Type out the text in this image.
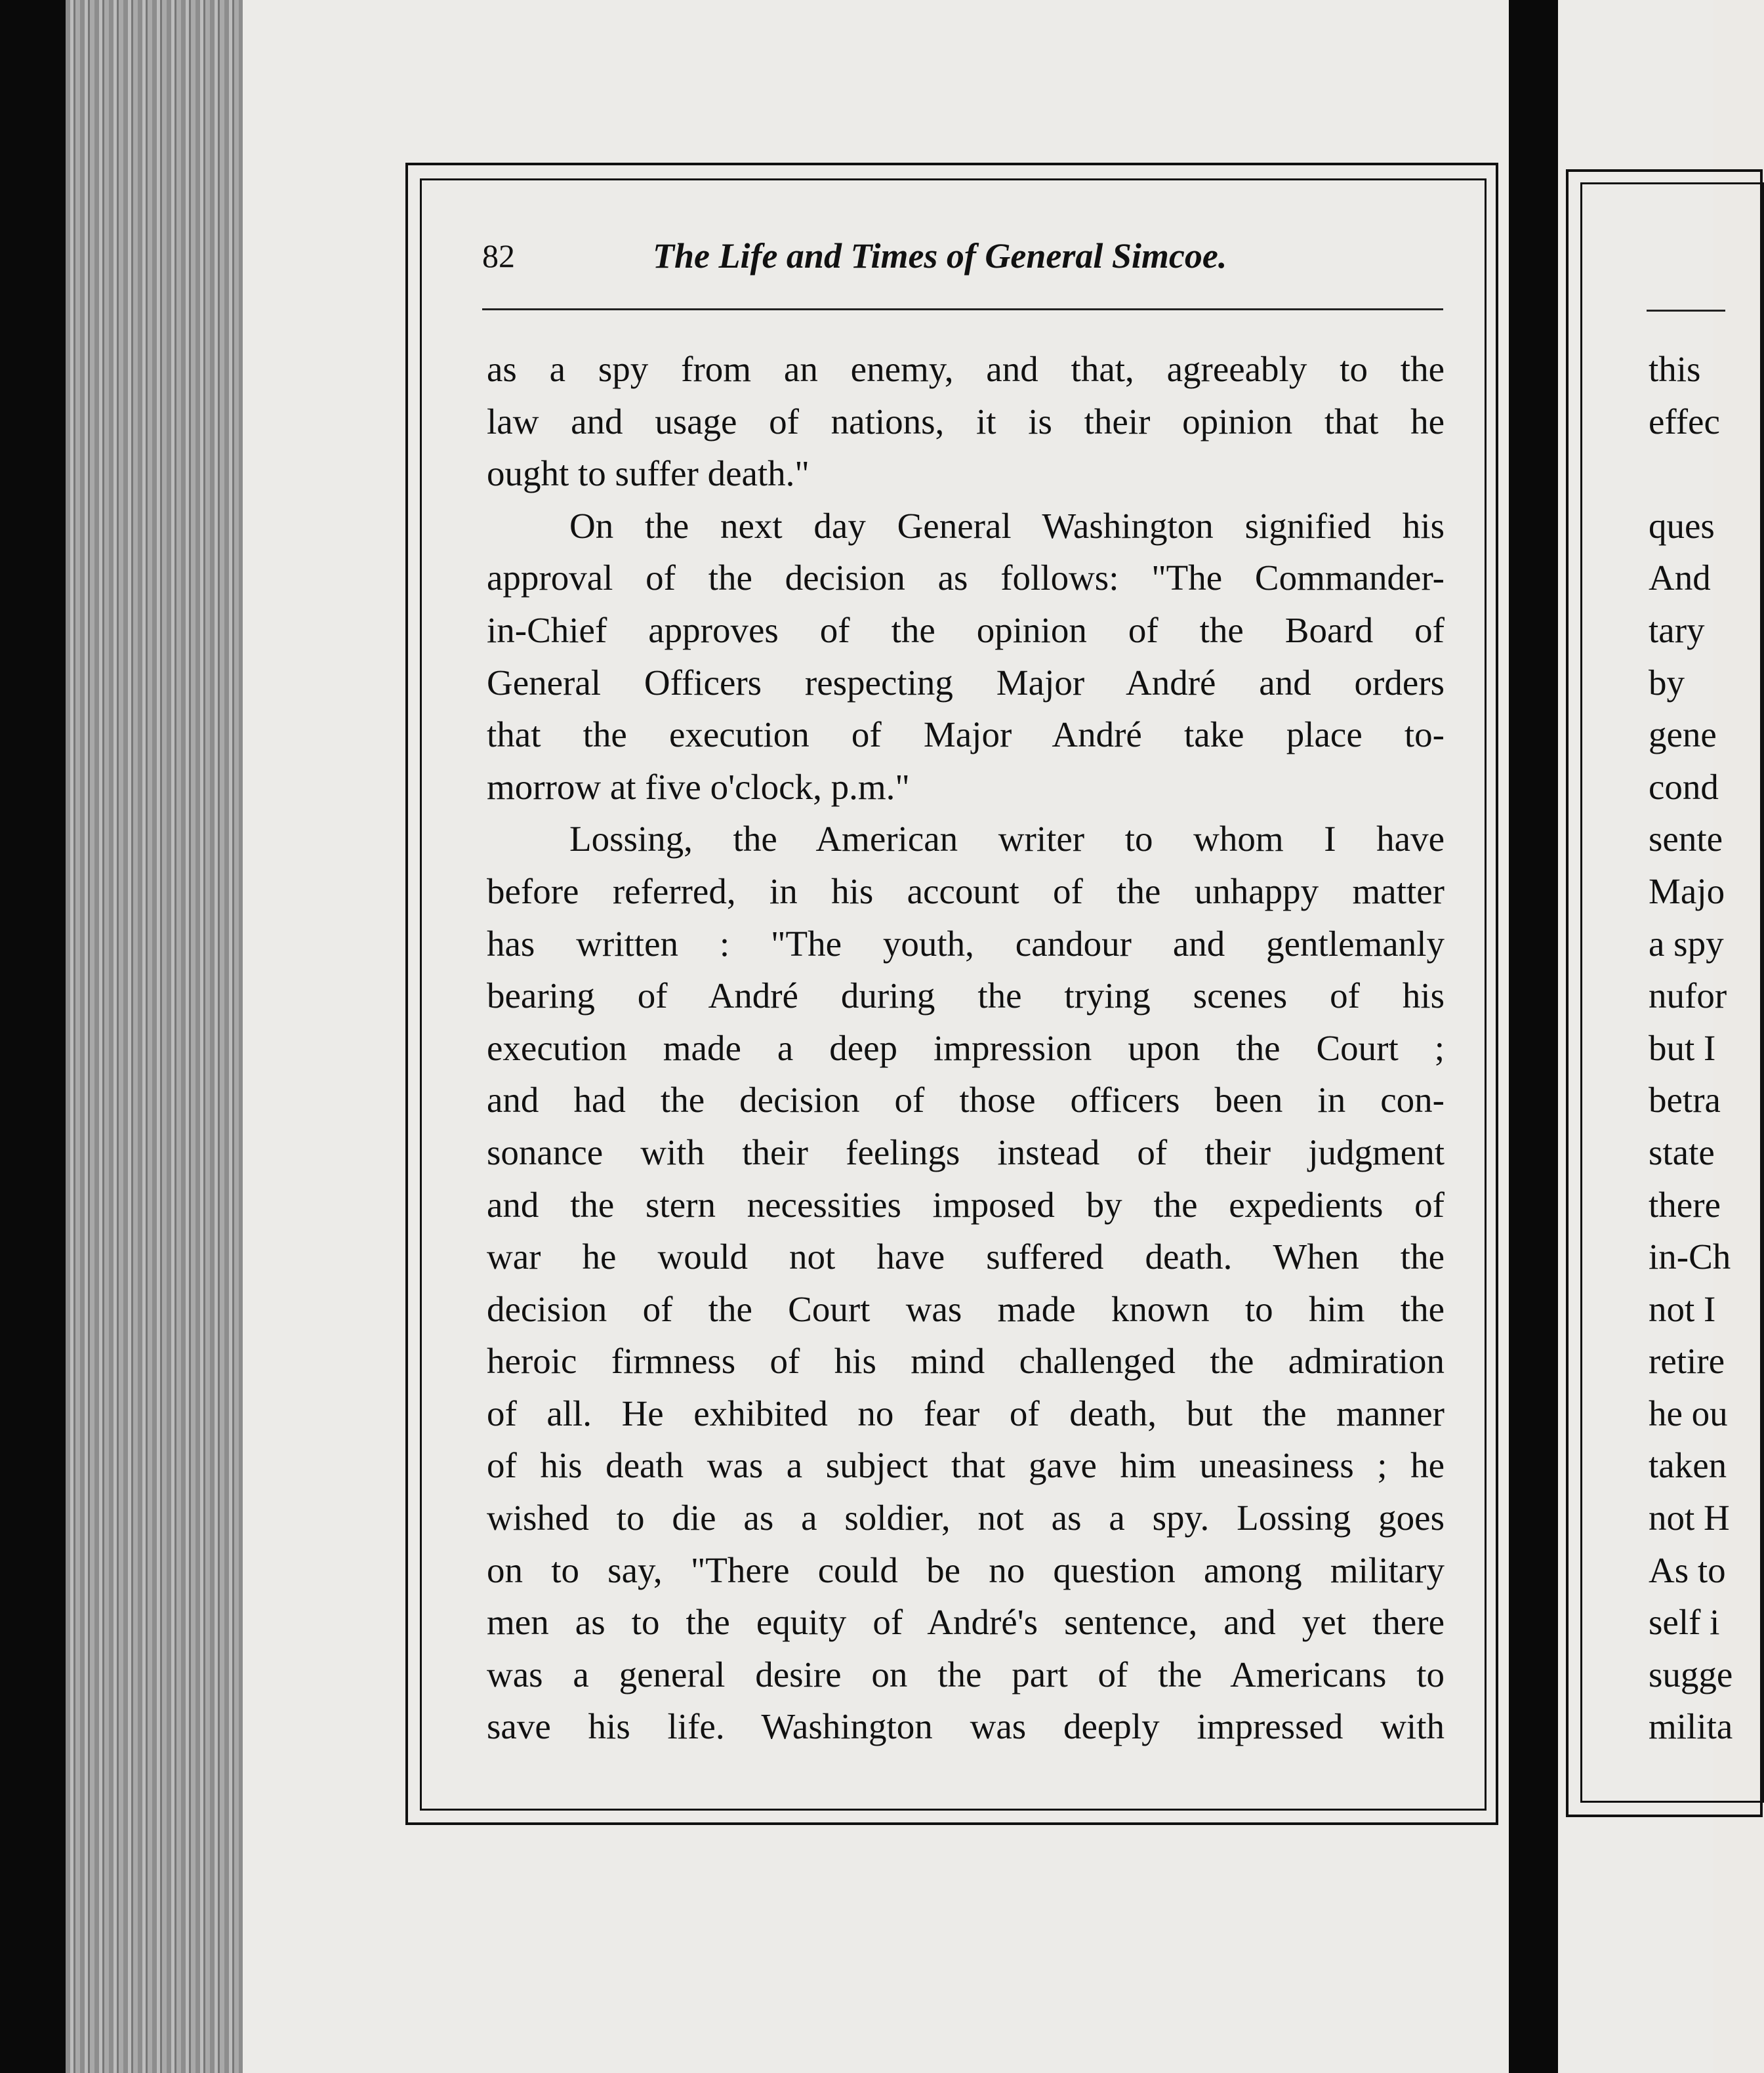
82	The Life and Times of General Simcoe.
as a spy from an enemy, and that, agreeably to the
law and usage of nations, it is their opinion that he
ought to suffer death."
On the next day General Washington signified his
approval of the decision as follows: "The Commander-
in-Chief approves of the opinion of the Board of
General Officers respecting Major André and orders
that the execution of Major André take place to-
morrow at five o'clock, p.m."
Lossing, the American writer to whom I have
before referred, in his account of the unhappy matter
has written : "The youth, candour and gentlemanly
bearing of André during the trying scenes of his
execution made a deep impression upon the Court ;
and had the decision of those officers been in con-
sonance with their feelings instead of their judgment
and the stern necessities imposed by the expedients of
war he would not have suffered death. When the
decision of the Court was made known to him the
heroic firmness of his mind challenged the admiration
of all. He exhibited no fear of death, but the manner
of his death was a subject that gave him uneasiness ; he
wished to die as a soldier, not as a spy. Lossing goes
on to say, "There could be no question among military
men as to the equity of André's sentence, and yet there
was a general desire on the part of the Americans to
save his life. Washington was deeply impressed with
this
effec
ques
And
tary
by
gene
cond
sente
Majo
a spy
nufor
but I
betra
state
there
in-Ch
not I
retire
he ou
taken
not H
As to
self i
sugge
milita
